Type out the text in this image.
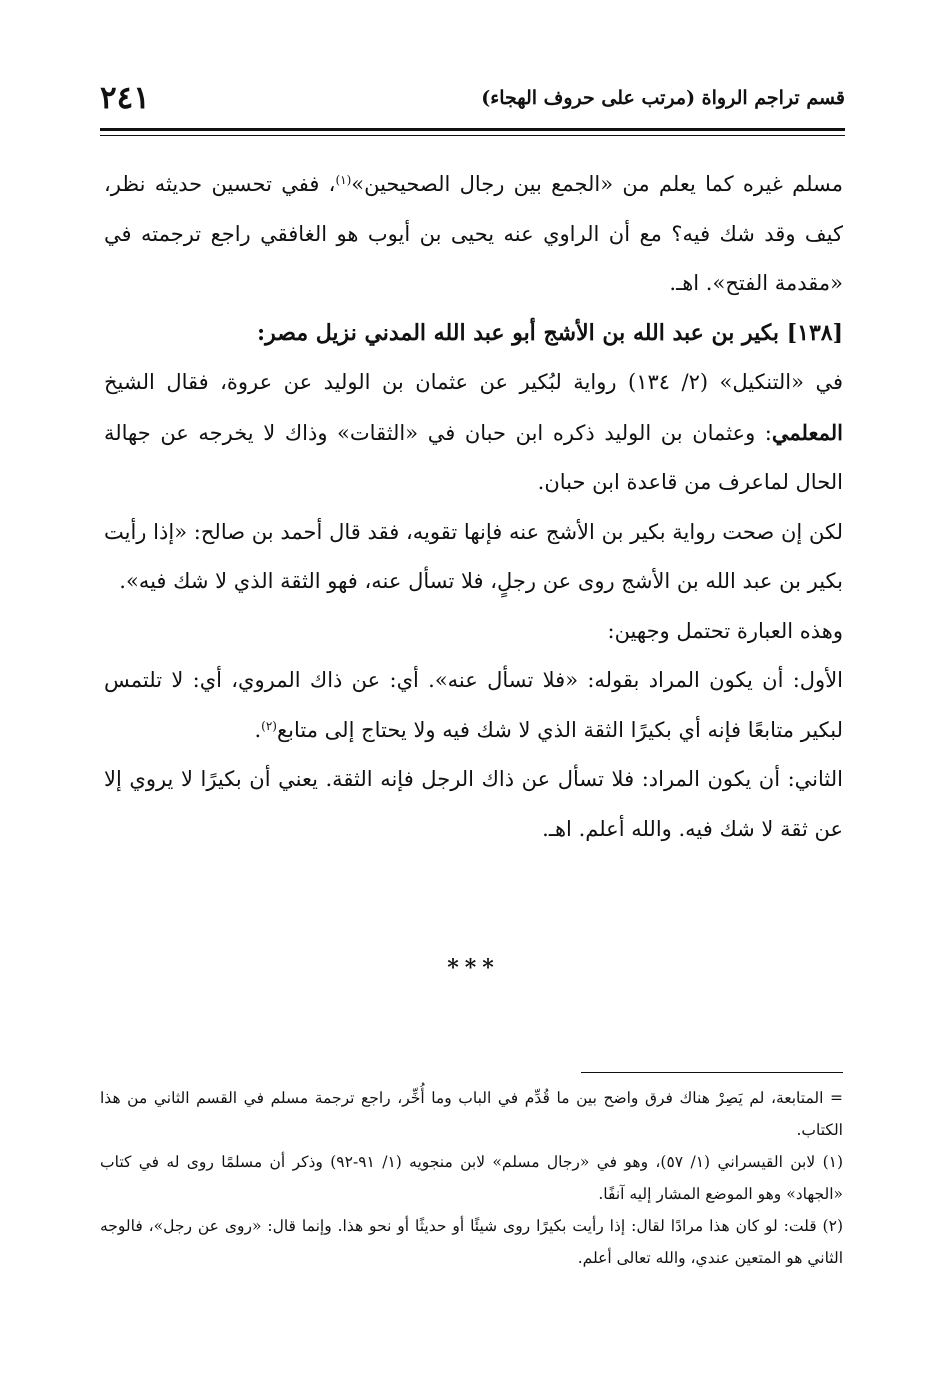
٢٤١	قسم تراجم الرواة (مرتب على حروف الهجاء)

مسلم غيره كما يعلم من «الجمع بين رجال الصحيحين»$^{(١)}$، ففي تحسين حديثه نظر، كيف وقد شك فيه؟ مع أن الراوي عنه يحيى بن أيوب هو الغافقي راجع ترجمته في «مقدمة الفتح». اهـ.

[١٣٨] بكير بن عبد الله بن الأشج أبو عبد الله المدني نزيل مصر:

في «التنكيل» (٢/ ١٣٤) رواية لبُكير عن عثمان بن الوليد عن عروة، فقال الشيخ المعلمي: وعثمان بن الوليد ذكره ابن حبان في «الثقات» وذاك لا يخرجه عن جهالة الحال لماعرف من قاعدة ابن حبان.

لكن إن صحت رواية بكير بن الأشج عنه فإنها تقويه، فقد قال أحمد بن صالح: «إذا رأيت بكير بن عبد الله بن الأشج روى عن رجلٍ، فلا تسأل عنه، فهو الثقة الذي لا شك فيه».

وهذه العبارة تحتمل وجهين:

الأول: أن يكون المراد بقوله: «فلا تسأل عنه». أي: عن ذاك المروي، أي: لا تلتمس لبكير متابعًا فإنه أي بكيرًا الثقة الذي لا شك فيه ولا يحتاج إلى متابع$^{(٢)}$.

الثاني: أن يكون المراد: فلا تسأل عن ذاك الرجل فإنه الثقة. يعني أن بكيرًا لا يروي إلا عن ثقة لا شك فيه. والله أعلم. اهـ.

***

= المتابعة، لم يَصِرْ هناك فرق واضح بين ما قُدِّم في الباب وما أُخِّر، راجع ترجمة مسلم في القسم الثاني من هذا الكتاب.

(١) لابن القيسراني (١/ ٥٧)، وهو في «رجال مسلم» لابن منجويه (١/ ٩١-٩٢) وذكر أن مسلمًا روى له في كتاب «الجهاد» وهو الموضع المشار إليه آنفًا.

(٢) قلت: لو كان هذا مرادًا لقال: إذا رأيت بكيرًا روى شيئًا أو حديثًا أو نحو هذا. وإنما قال: «روى عن رجل»، فالوجه الثاني هو المتعين عندي، والله تعالى أعلم.
